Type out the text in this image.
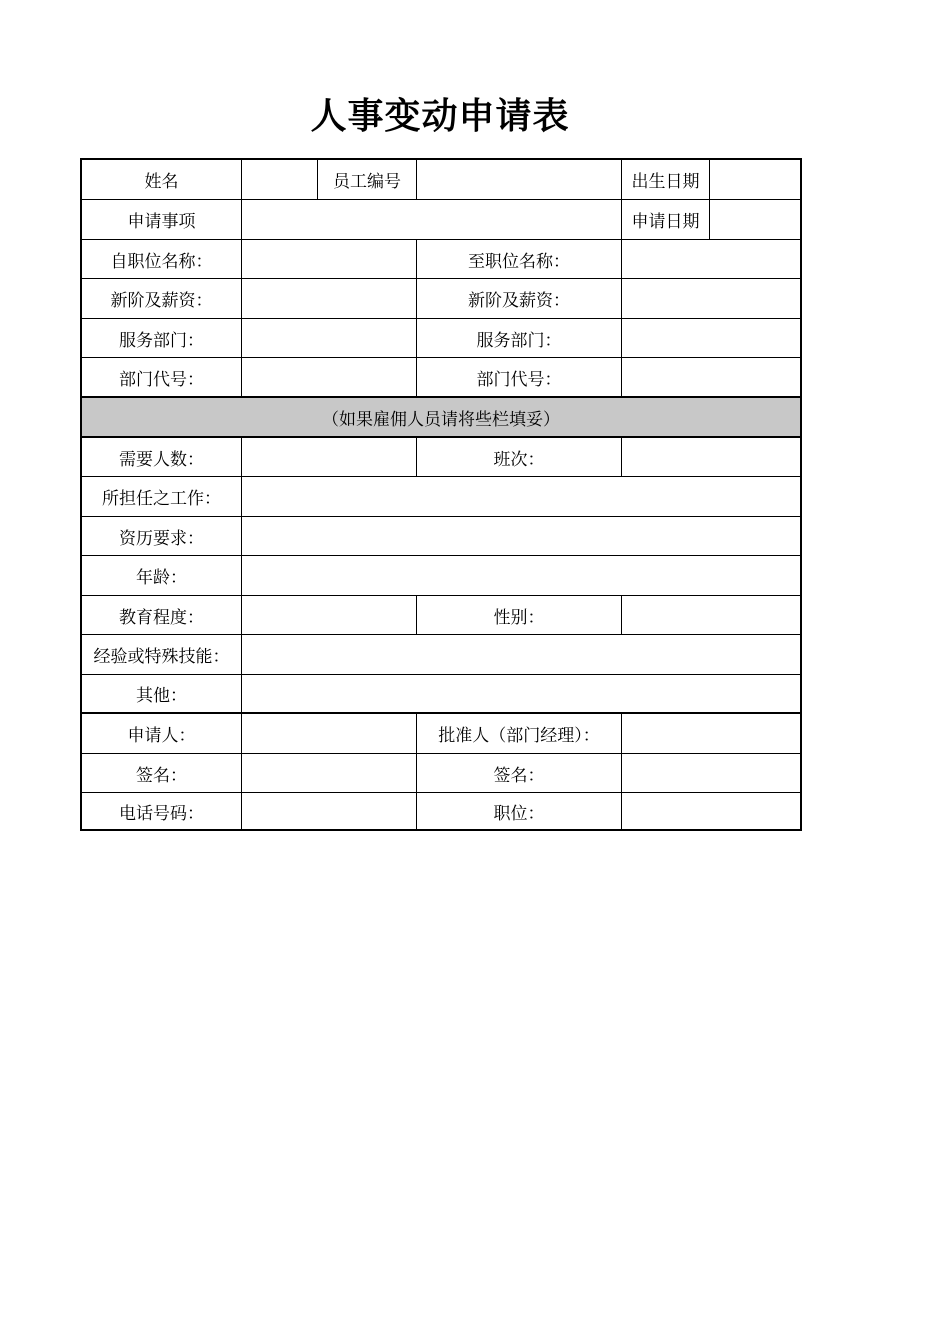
人事变动申请表
姓名	员工编号	出生日期
申请事项	申请日期
自职位名称：	至职位名称：
新阶及薪资：	新阶及薪资：
服务部门：	服务部门：
部门代号：	部门代号：
（如果雇佣人员请将些栏填妥）
需要人数：	班次：
所担任之工作：
资历要求：
年龄：
教育程度：	性别：
经验或特殊技能：
其他：
申请人：	批准人（部门经理）：
签名：	签名：
电话号码：	职位：
